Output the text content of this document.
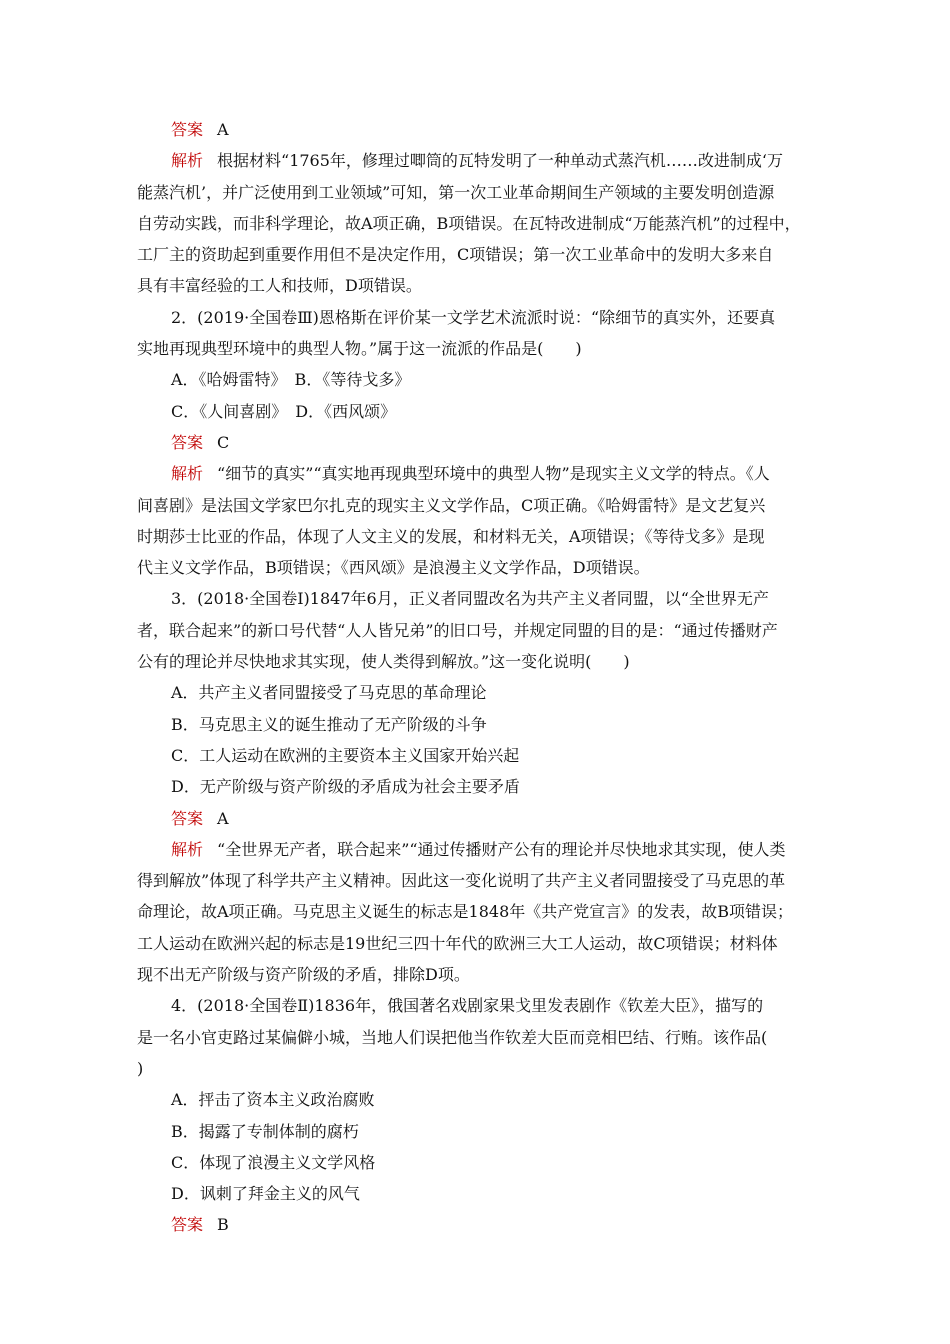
答案 A
解析 根据材料“1765年，修理过唧筒的瓦特发明了一种单动式蒸汽机……改进制成‘万
能蒸汽机’，并广泛使用到工业领域”可知，第一次工业革命期间生产领域的主要发明创造源
自劳动实践，而非科学理论，故A项正确，B项错误。在瓦特改进制成“万能蒸汽机”的过程中，
工厂主的资助起到重要作用但不是决定作用，C项错误；第一次工业革命中的发明大多来自
具有丰富经验的工人和技师，D项错误。
2．(2019·全国卷Ⅲ)恩格斯在评价某一文学艺术流派时说：“除细节的真实外，还要真
实地再现典型环境中的典型人物。”属于这一流派的作品是(　　)
A．《哈姆雷特》　B．《等待戈多》
C．《人间喜剧》　D．《西风颂》
答案 C
解析 “细节的真实”“真实地再现典型环境中的典型人物”是现实主义文学的特点。《人
间喜剧》是法国文学家巴尔扎克的现实主义文学作品，C项正确。《哈姆雷特》是文艺复兴
时期莎士比亚的作品，体现了人文主义的发展，和材料无关，A项错误；《等待戈多》是现
代主义文学作品，B项错误；《西风颂》是浪漫主义文学作品，D项错误。
3．(2018·全国卷Ⅰ)1847年6月，正义者同盟改名为共产主义者同盟，以“全世界无产
者，联合起来”的新口号代替“人人皆兄弟”的旧口号，并规定同盟的目的是：“通过传播财产
公有的理论并尽快地求其实现，使人类得到解放。”这一变化说明(　　)
A．共产主义者同盟接受了马克思的革命理论
B．马克思主义的诞生推动了无产阶级的斗争
C．工人运动在欧洲的主要资本主义国家开始兴起
D．无产阶级与资产阶级的矛盾成为社会主要矛盾
答案 A
解析 “全世界无产者，联合起来”“通过传播财产公有的理论并尽快地求其实现，使人类
得到解放”体现了科学共产主义精神。因此这一变化说明了共产主义者同盟接受了马克思的革
命理论，故A项正确。马克思主义诞生的标志是1848年《共产党宣言》的发表，故B项错误；
工人运动在欧洲兴起的标志是19世纪三四十年代的欧洲三大工人运动，故C项错误；材料体
现不出无产阶级与资产阶级的矛盾，排除D项。
4．(2018·全国卷Ⅱ)1836年，俄国著名戏剧家果戈里发表剧作《钦差大臣》，描写的
是一名小官吏路过某偏僻小城，当地人们误把他当作钦差大臣而竞相巴结、行贿。该作品(
)
A．抨击了资本主义政治腐败
B．揭露了专制体制的腐朽
C．体现了浪漫主义文学风格
D．讽刺了拜金主义的风气
答案 B
